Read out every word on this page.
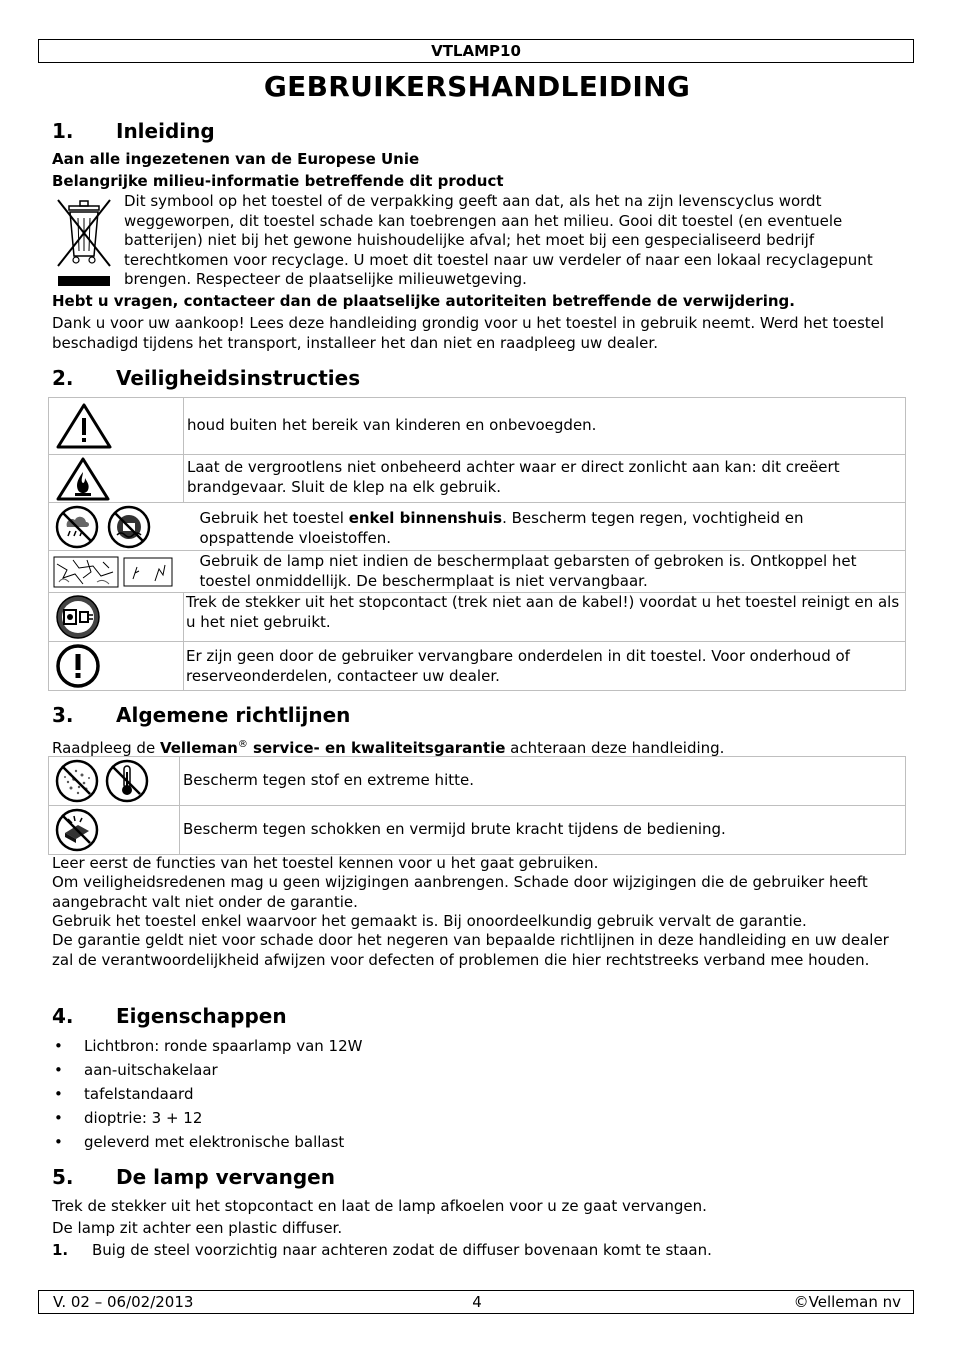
VTLAMP10
GEBRUIKERSHANDLEIDING
1. Inleiding
Aan alle ingezetenen van de Europese Unie
Belangrijke milieu-informatie betreffende dit product
Dit symbool op het toestel of de verpakking geeft aan dat, als het na zijn levenscyclus wordt weggeworpen, dit toestel schade kan toebrengen aan het milieu. Gooi dit toestel (en eventuele batterijen) niet bij het gewone huishoudelijke afval; het moet bij een gespecialiseerd bedrijf terechtkomen voor recyclage. U moet dit toestel naar uw verdeler of naar een lokaal recyclagepunt brengen. Respecteer de plaatselijke milieuwetgeving.
Hebt u vragen, contacteer dan de plaatselijke autoriteiten betreffende de verwijdering.
Dank u voor uw aankoop! Lees deze handleiding grondig voor u het toestel in gebruik neemt. Werd het toestel beschadigd tijdens het transport, installeer het dan niet en raadpleeg uw dealer.
2. Veiligheidsinstructies

houd buiten het bereik van kinderen en onbevoegden.

Laat de vergrootlens niet onbeheerd achter waar er direct zonlicht aan kan: dit creëert brandgevaar. Sluit de klep na elk gebruik.

Gebruik het toestel enkel binnenshuis. Bescherm tegen regen, vochtigheid en opspattende vloeistoffen.

Gebruik de lamp niet indien de beschermplaat gebarsten of gebroken is. Ontkoppel het toestel onmiddellijk. De beschermplaat is niet vervangbaar.

Trek de stekker uit het stopcontact (trek niet aan de kabel!) voordat u het toestel reinigt en als u het niet gebruikt.

Er zijn geen door de gebruiker vervangbare onderdelen in dit toestel. Voor onderhoud of reserveonderdelen, contacteer uw dealer.
3. Algemene richtlijnen
Raadpleeg de Velleman® service- en kwaliteitsgarantie achteraan deze handleiding.

Bescherm tegen stof en extreme hitte.

Bescherm tegen schokken en vermijd brute kracht tijdens de bediening.
Leer eerst de functies van het toestel kennen voor u het gaat gebruiken.
Om veiligheidsredenen mag u geen wijzigingen aanbrengen. Schade door wijzigingen die de gebruiker heeft aangebracht valt niet onder de garantie.
Gebruik het toestel enkel waarvoor het gemaakt is. Bij onoordeelkundig gebruik vervalt de garantie.
De garantie geldt niet voor schade door het negeren van bepaalde richtlijnen in deze handleiding en uw dealer zal de verantwoordelijkheid afwijzen voor defecten of problemen die hier rechtstreeks verband mee houden.
4. Eigenschappen
• Lichtbron: ronde spaarlamp van 12W
• aan-uitschakelaar
• tafelstandaard
• dioptrie: 3 + 12
• geleverd met elektronische ballast
5. De lamp vervangen
Trek de stekker uit het stopcontact en laat de lamp afkoelen voor u ze gaat vervangen.
De lamp zit achter een plastic diffuser.
1. Buig de steel voorzichtig naar achteren zodat de diffuser bovenaan komt te staan.
4
V. 02 – 06/02/2013	©Velleman nv
